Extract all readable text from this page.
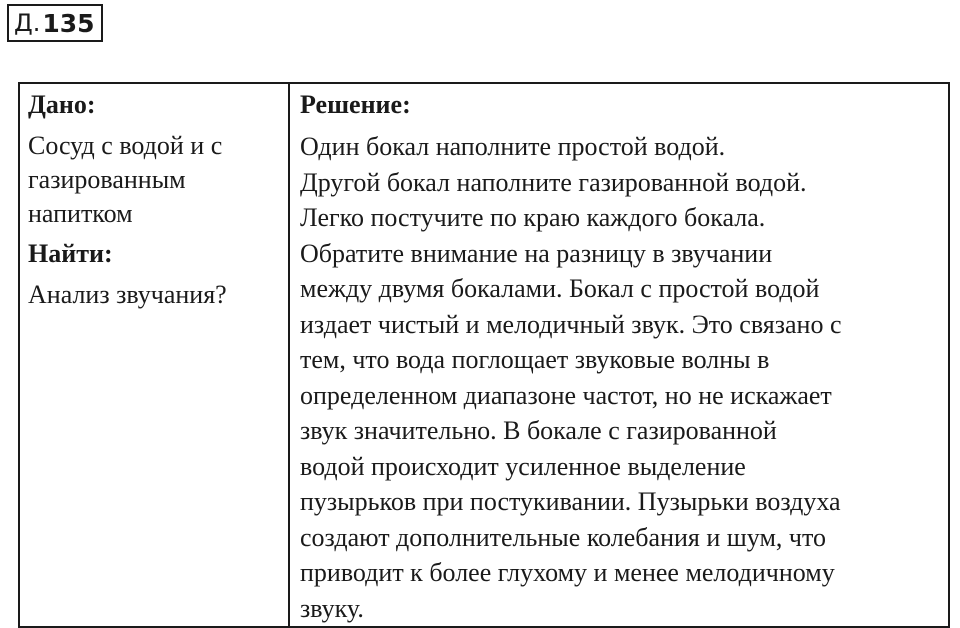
Д. 135

Дано:

Сосуд с водой и с газированным напитком

Найти:

Анализ звучания?

Решение:

Один бокал наполните простой водой.
Другой бокал наполните газированной водой.
Легко постучите по краю каждого бокала.
Обратите внимание на разницу в звучании
между двумя бокалами. Бокал с простой водой
издает чистый и мелодичный звук. Это связано с
тем, что вода поглощает звуковые волны в
определенном диапазоне частот, но не искажает
звук значительно. В бокале с газированной
водой происходит усиленное выделение
пузырьков при постукивании. Пузырьки воздуха
создают дополнительные колебания и шум, что
приводит к более глухому и менее мелодичному
звуку.
